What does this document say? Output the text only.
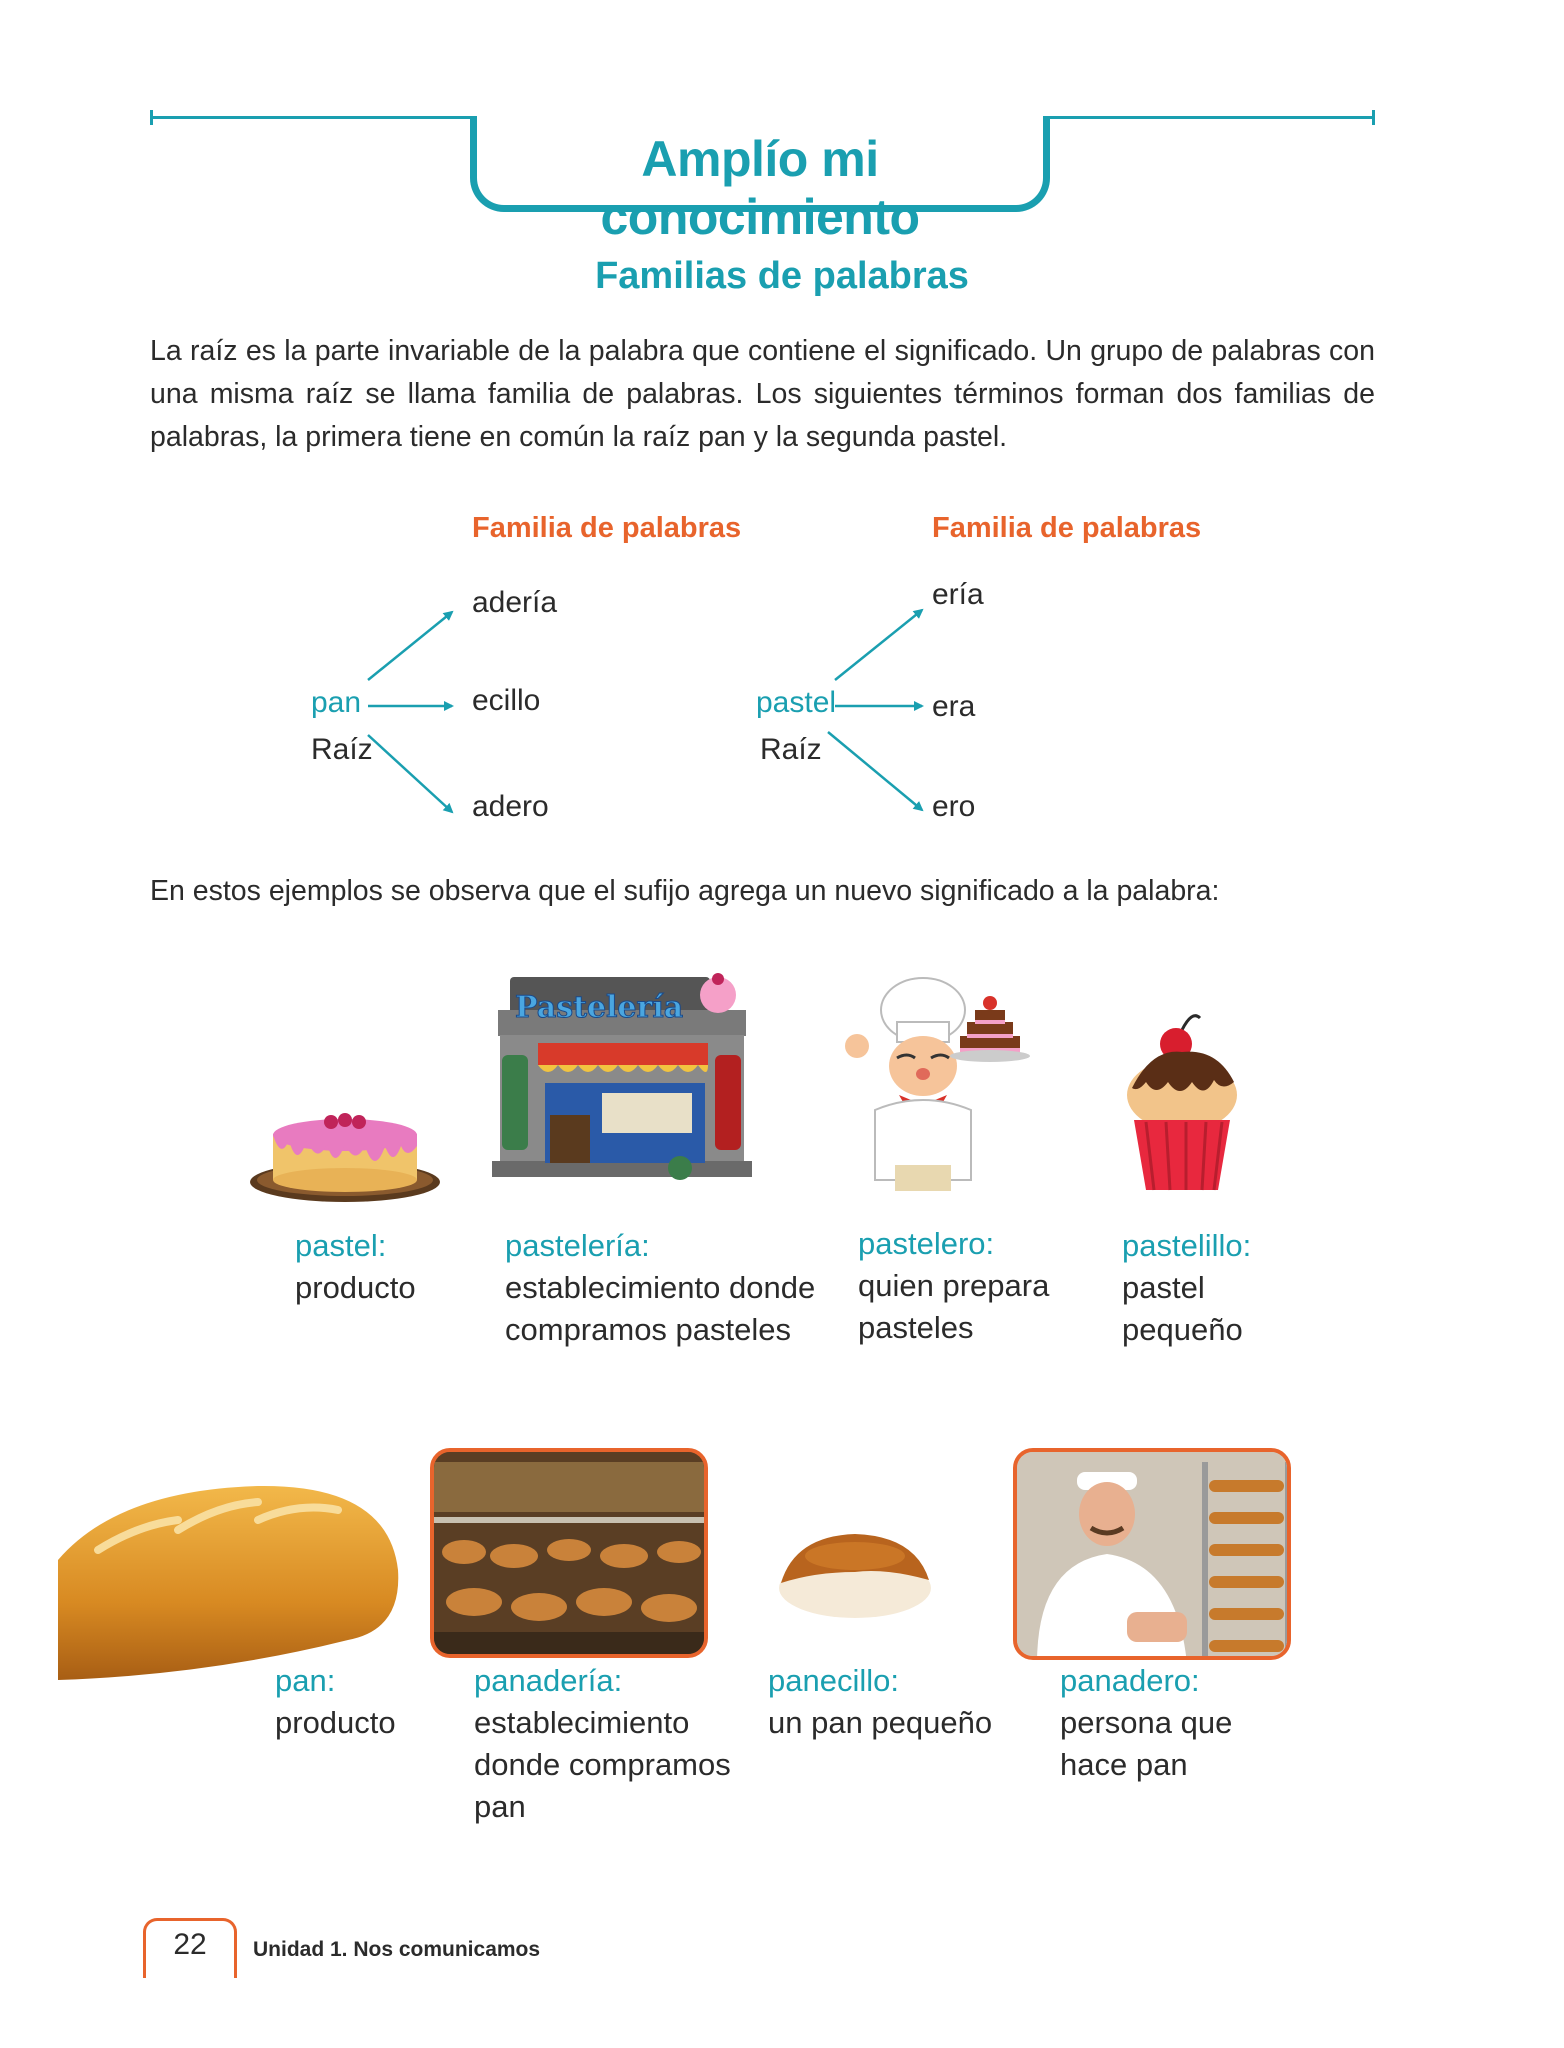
Amplío mi conocimiento
Familias de palabras

La raíz es la parte invariable de la palabra que contiene el significado. Un grupo de palabras con una misma raíz se llama familia de palabras. Los siguientes términos forman dos familias de palabras, la primera tiene en común la raíz pan y la segunda pastel.

Familia de palabras
pan
Raíz
adería
ecillo
adero
Familia de palabras
pastel
Raíz
ería
era
ero

En estos ejemplos se observa que el sufijo agrega un nuevo significado a la palabra:

Pastelería
pastel:
producto
pastelería:
establecimiento donde
compramos pasteles
pastelero:
quien prepara
pasteles
pastelillo:
pastel
pequeño
pan:
producto
panadería:
establecimiento
donde compramos
pan
panecillo:
un pan pequeño
panadero:
persona que
hace pan
22	Unidad 1. Nos comunicamos
